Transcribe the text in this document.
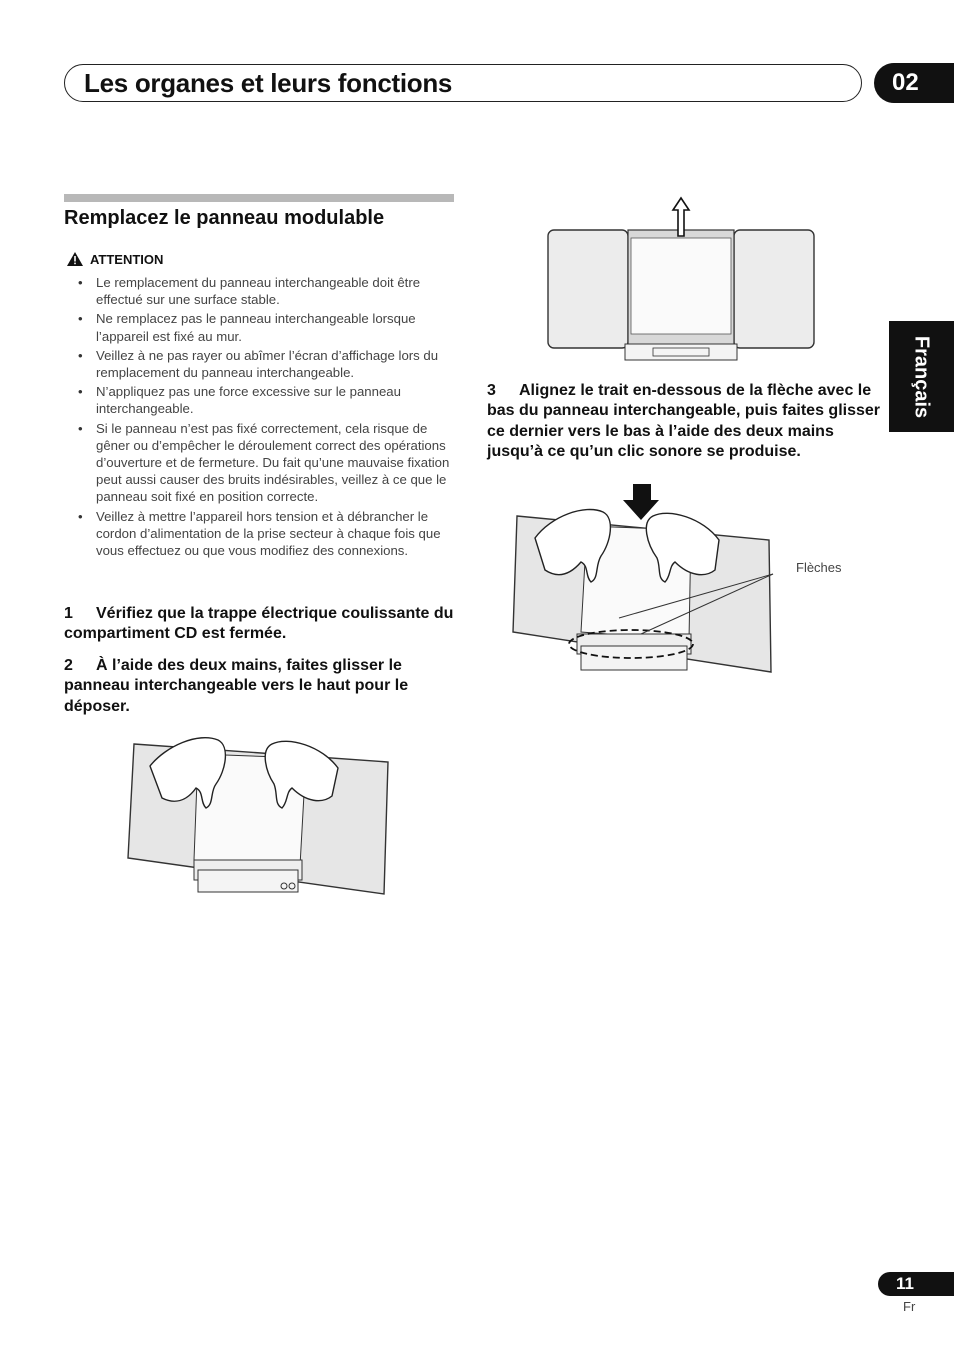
Les organes et leurs fonctions	02
Français
Remplacez le panneau modulable
ATTENTION
• Le remplacement du panneau interchangeable doit être effectué sur une surface stable.
• Ne remplacez pas le panneau interchangeable lorsque l’appareil est fixé au mur.
• Veillez à ne pas rayer ou abîmer l’écran d’affichage lors du remplacement du panneau interchangeable.
• N’appliquez pas une force excessive sur le panneau interchangeable.
• Si le panneau n’est pas fixé correctement, cela risque de gêner ou d’empêcher le déroulement correct des opérations d’ouverture et de fermeture. Du fait qu’une mauvaise fixation peut aussi causer des bruits indésirables, veillez à ce que le panneau soit fixé en position correcte.
• Veillez à mettre l’appareil hors tension et à débrancher le cordon d’alimentation de la prise secteur à chaque fois que vous effectuez ou que vous modifiez des connexions.
1 Vérifiez que la trappe électrique coulissante du compartiment CD est fermée.
2 À l’aide des deux mains, faites glisser le panneau interchangeable vers le haut pour le déposer.
3 Alignez le trait en-dessous de la flèche avec le bas du panneau interchangeable, puis faites glisser ce dernier vers le bas à l’aide des deux mains jusqu’à ce qu’un clic sonore se produise.
Flèches
11
Fr
